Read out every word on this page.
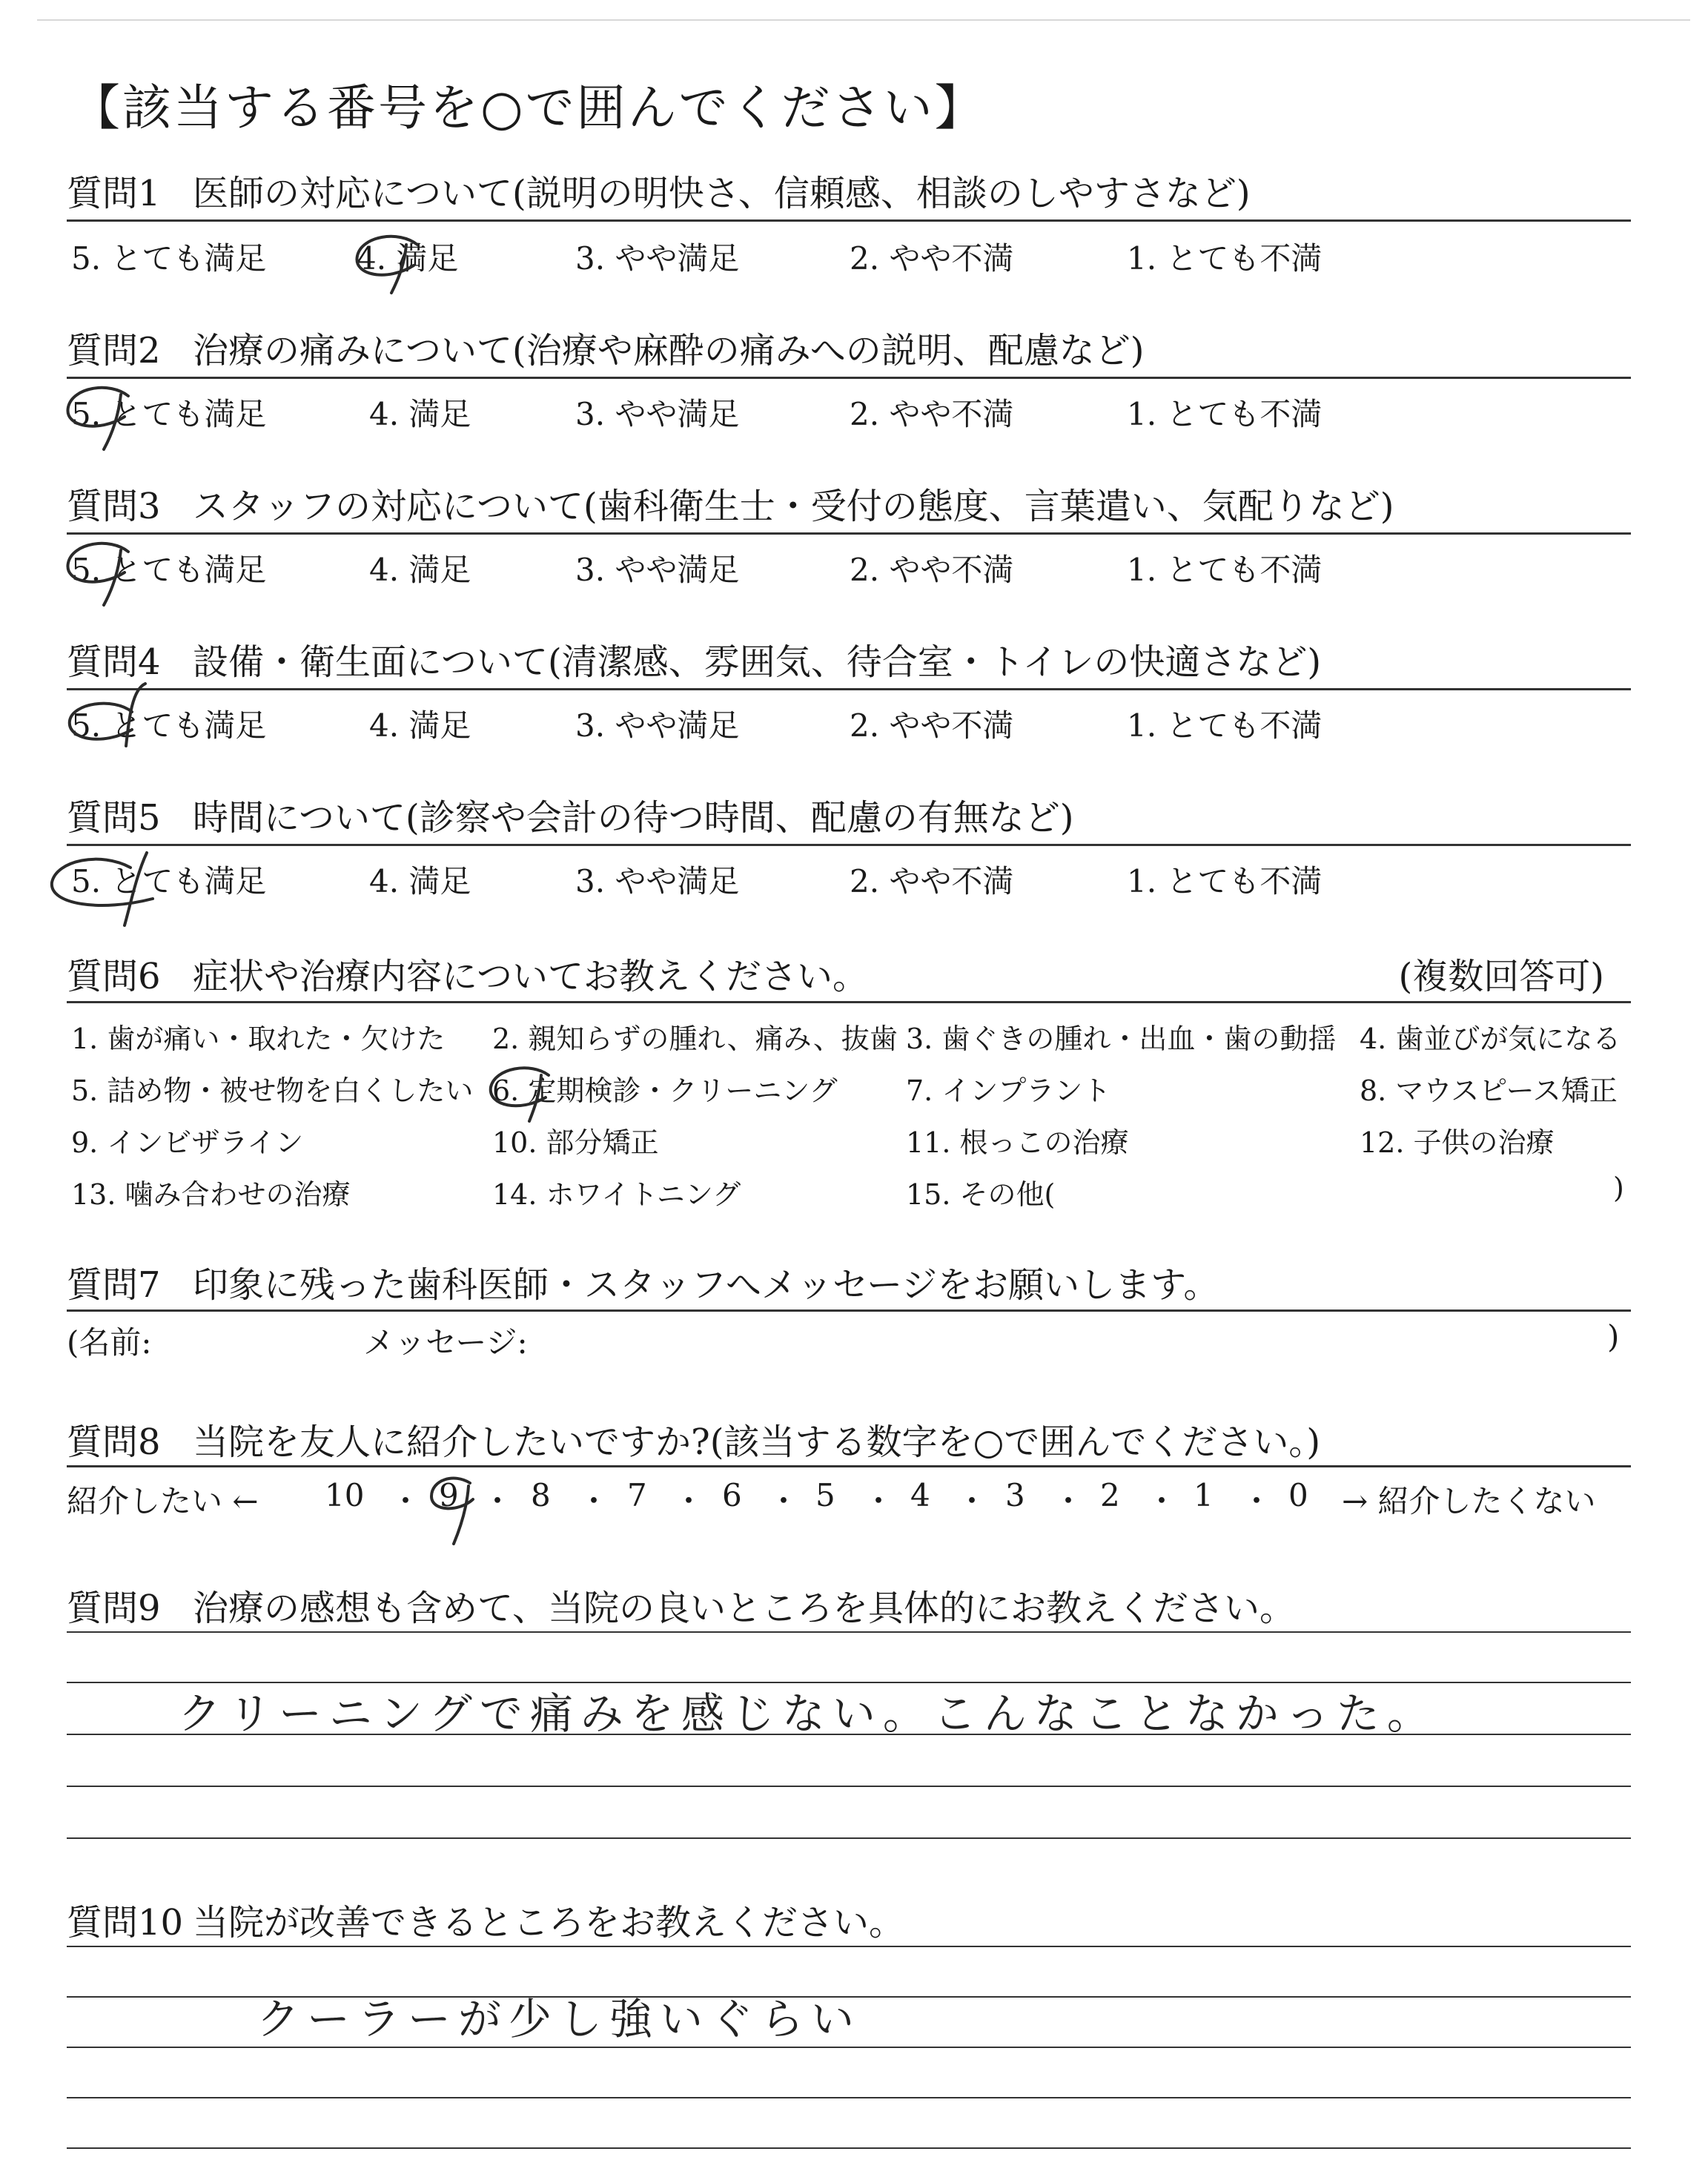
【該当する番号を○で囲んでください】
質問1 医師の対応について(説明の明快さ、信頼感、相談のしやすさなど)
5. とても満足	4. 満足	3. やや満足	2. やや不満	1. とても不満
質問2 治療の痛みについて(治療や麻酔の痛みへの説明、配慮など)
5. とても満足	4. 満足	3. やや満足	2. やや不満	1. とても不満
質問3 スタッフの対応について(歯科衛生士・受付の態度、言葉遣い、気配りなど)
5. とても満足	4. 満足	3. やや満足	2. やや不満	1. とても不満
質問4 設備・衛生面について(清潔感、雰囲気、待合室・トイレの快適さなど)
5. とても満足	4. 満足	3. やや満足	2. やや不満	1. とても不満
質問5 時間について(診察や会計の待つ時間、配慮の有無など)
5. とても満足	4. 満足	3. やや満足	2. やや不満	1. とても不満
質問6 症状や治療内容についてお教えください。	(複数回答可)
1. 歯が痛い・取れた・欠けた 2. 親知らずの腫れ、痛み、抜歯 3. 歯ぐきの腫れ・出血・歯の動揺 4. 歯並びが気になる
5. 詰め物・被せ物を白くしたい 6. 定期検診・クリーニング 7. インプラント	8. マウスピース矯正
9. インビザライン	10. 部分矯正	11. 根っこの治療	12. 子供の治療
13. 噛み合わせの治療	14. ホワイトニング	15. その他(	)
質問7 印象に残った歯科医師・スタッフへメッセージをお願いします。
(名前:	メッセージ:	)
質問8 当院を友人に紹介したいですか?(該当する数字を○で囲んでください。)
紹介したい ← 10 ・ 9 ・ 8 ・ 7 ・ 6 ・ 5 ・ 4 ・ 3 ・ 2 ・ 1 ・ 0 → 紹介したくない
質問9 治療の感想も含めて、当院の良いところを具体的にお教えください。
クリーニングで痛みを感じない。こんなことなかった。
質問10 当院が改善できるところをお教えください。
クーラーが少し強いぐらい
